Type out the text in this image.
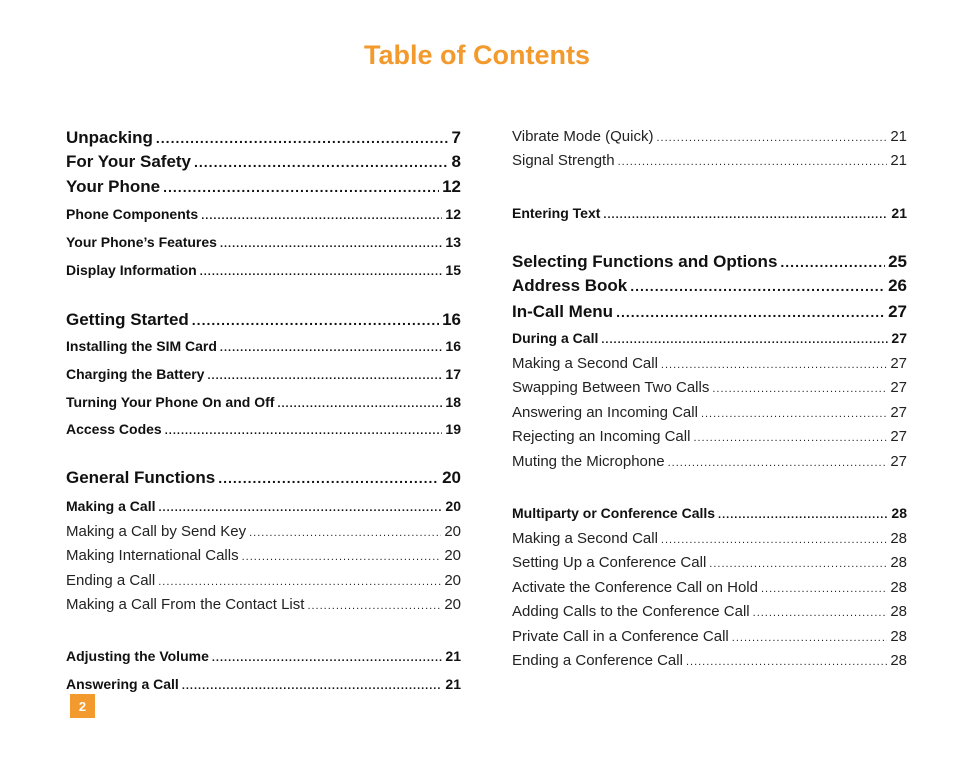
Table of Contents
Unpacking .....	7
For Your Safety .....	8
Your Phone .....	12
Phone Components .....	12
Your Phone’s Features .....	13
Display Information .....	15
Getting Started .....	16
Installing the SIM Card .....	16
Charging the Battery .....	17
Turning Your Phone On and Off .....	18
Access Codes .....	19
General Functions .....	20
Making a Call .....	20
Making a Call by Send Key .....	20
Making International Calls .....	20
Ending a Call .....	20
Making a Call From the Contact List .....	20
Adjusting the Volume .....	21
Answering a Call .....	21
Vibrate Mode (Quick) .....	21
Signal Strength .....	21
Entering Text .....	21
Selecting Functions and Options .....	25
Address Book .....	26
In-Call Menu .....	27
During a Call .....	27
Making a Second Call .....	27
Swapping Between Two Calls .....	27
Answering an Incoming Call .....	27
Rejecting an Incoming Call .....	27
Muting the Microphone .....	27
Multiparty or Conference Calls .....	28
Making a Second Call .....	28
Setting Up a Conference Call .....	28
Activate the Conference Call on Hold .....	28
Adding Calls to the Conference Call .....	28
Private Call in a Conference Call .....	28
Ending a Conference Call .....	28
2
